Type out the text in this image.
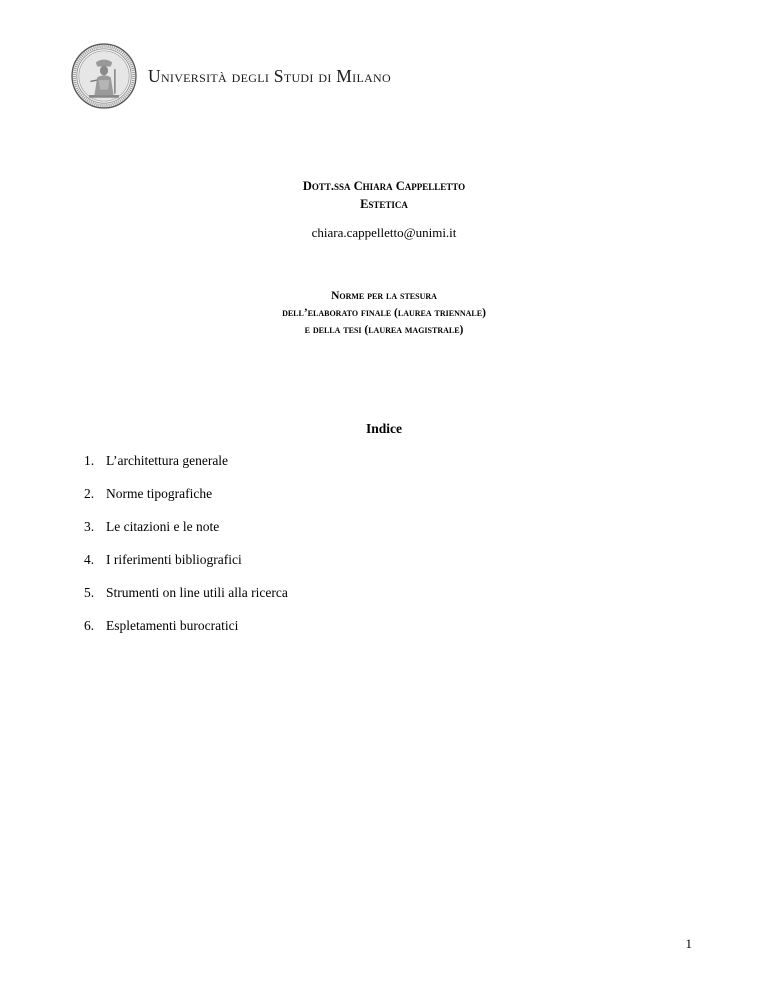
Università degli Studi di Milano
Dott.ssa Chiara Cappelletto
Estetica
chiara.cappelletto@unimi.it
Norme per la stesura
dell’elaborato finale (laurea triennale)
e della tesi (laurea magistrale)
Indice
1. L’architettura generale
2. Norme tipografiche
3. Le citazioni e le note
4. I riferimenti bibliografici
5. Strumenti on line utili alla ricerca
6. Espletamenti burocratici
1
